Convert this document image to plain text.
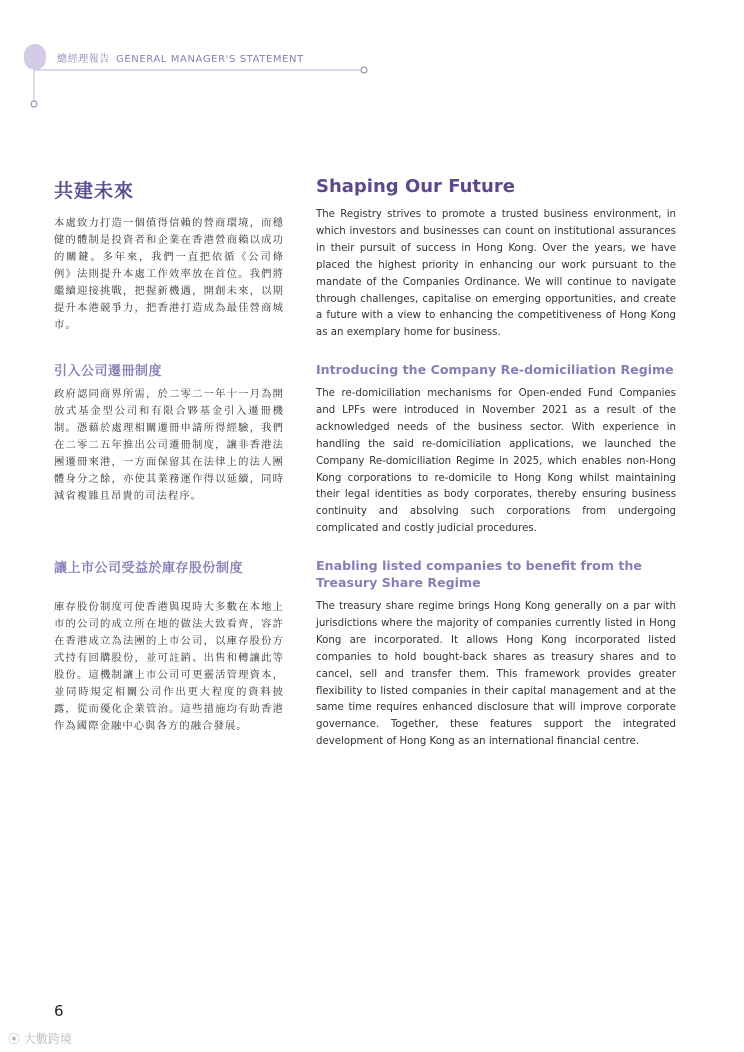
總經理報告 GENERAL MANAGER'S STATEMENT
共建未來

本處致力打造一個值得信賴的營商環境，而穩健的體制是投資者和企業在香港營商賴以成功的關鍵。多年來，我們一直把依循《公司條例》法則提升本處工作效率放在首位。我們將繼續迎接挑戰，把握新機遇，開創未來，以期提升本港競爭力，把香港打造成為最佳營商城市。

引入公司遷冊制度

政府認同商界所需，於二零二一年十一月為開放式基金型公司和有限合夥基金引入遷冊機制。憑藉於處理相關遷冊申請所得經驗，我們在二零二五年推出公司遷冊制度，讓非香港法團遷冊來港，一方面保留其在法律上的法人團體身分之餘，亦使其業務運作得以延續，同時減省複雜且昂貴的司法程序。

讓上市公司受益於庫存股份制度

庫存股份制度可使香港與現時大多數在本地上市的公司的成立所在地的做法大致看齊，容許在香港成立為法團的上市公司，以庫存股份方式持有回購股份，並可註銷、出售和轉讓此等股份。這機制讓上市公司可更靈活管理資本，並同時規定相關公司作出更大程度的資料披露，從而優化企業管治。這些措施均有助香港作為國際金融中心與各方的融合發展。

Shaping Our Future

The Registry strives to promote a trusted business environment, in which investors and businesses can count on institutional assurances in their pursuit of success in Hong Kong. Over the years, we have placed the highest priority in enhancing our work pursuant to the mandate of the Companies Ordinance. We will continue to navigate through challenges, capitalise on emerging opportunities, and create a future with a view to enhancing the competitiveness of Hong Kong as an exemplary home for business.

Introducing the Company Re-domiciliation Regime

The re-domiciliation mechanisms for Open-ended Fund Companies and LPFs were introduced in November 2021 as a result of the acknowledged needs of the business sector. With experience in handling the said re-domiciliation applications, we launched the Company Re-domiciliation Regime in 2025, which enables non-Hong Kong corporations to re-domicile to Hong Kong whilst maintaining their legal identities as body corporates, thereby ensuring business continuity and absolving such corporations from undergoing complicated and costly judicial procedures.

Enabling listed companies to benefit from the Treasury Share Regime

The treasury share regime brings Hong Kong generally on a par with jurisdictions where the majority of companies currently listed in Hong Kong are incorporated. It allows Hong Kong incorporated listed companies to hold bought-back shares as treasury shares and to cancel, sell and transfer them. This framework provides greater flexibility to listed companies in their capital management and at the same time requires enhanced disclosure that will improve corporate governance. Together, these features support the integrated development of Hong Kong as an international financial centre.

6
⦿ 大數跨境
